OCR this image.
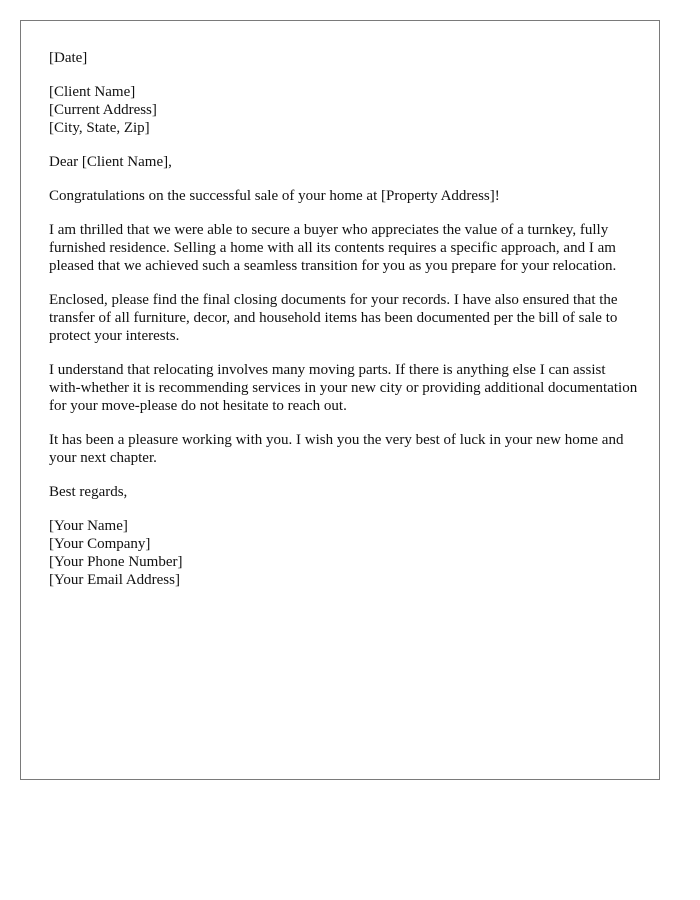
[Date]
[Client Name]
[Current Address]
[City, State, Zip]

Dear [Client Name],

Congratulations on the successful sale of your home at [Property Address]!

I am thrilled that we were able to secure a buyer who appreciates the value of a turnkey, fully furnished residence. Selling a home with all its contents requires a specific approach, and I am pleased that we achieved such a seamless transition for you as you prepare for your relocation.

Enclosed, please find the final closing documents for your records. I have also ensured that the transfer of all furniture, decor, and household items has been documented per the bill of sale to protect your interests.

I understand that relocating involves many moving parts. If there is anything else I can assist with-whether it is recommending services in your new city or providing additional documentation for your move-please do not hesitate to reach out.

It has been a pleasure working with you. I wish you the very best of luck in your new home and your next chapter.

Best regards,

[Your Name]
[Your Company]
[Your Phone Number]
[Your Email Address]
